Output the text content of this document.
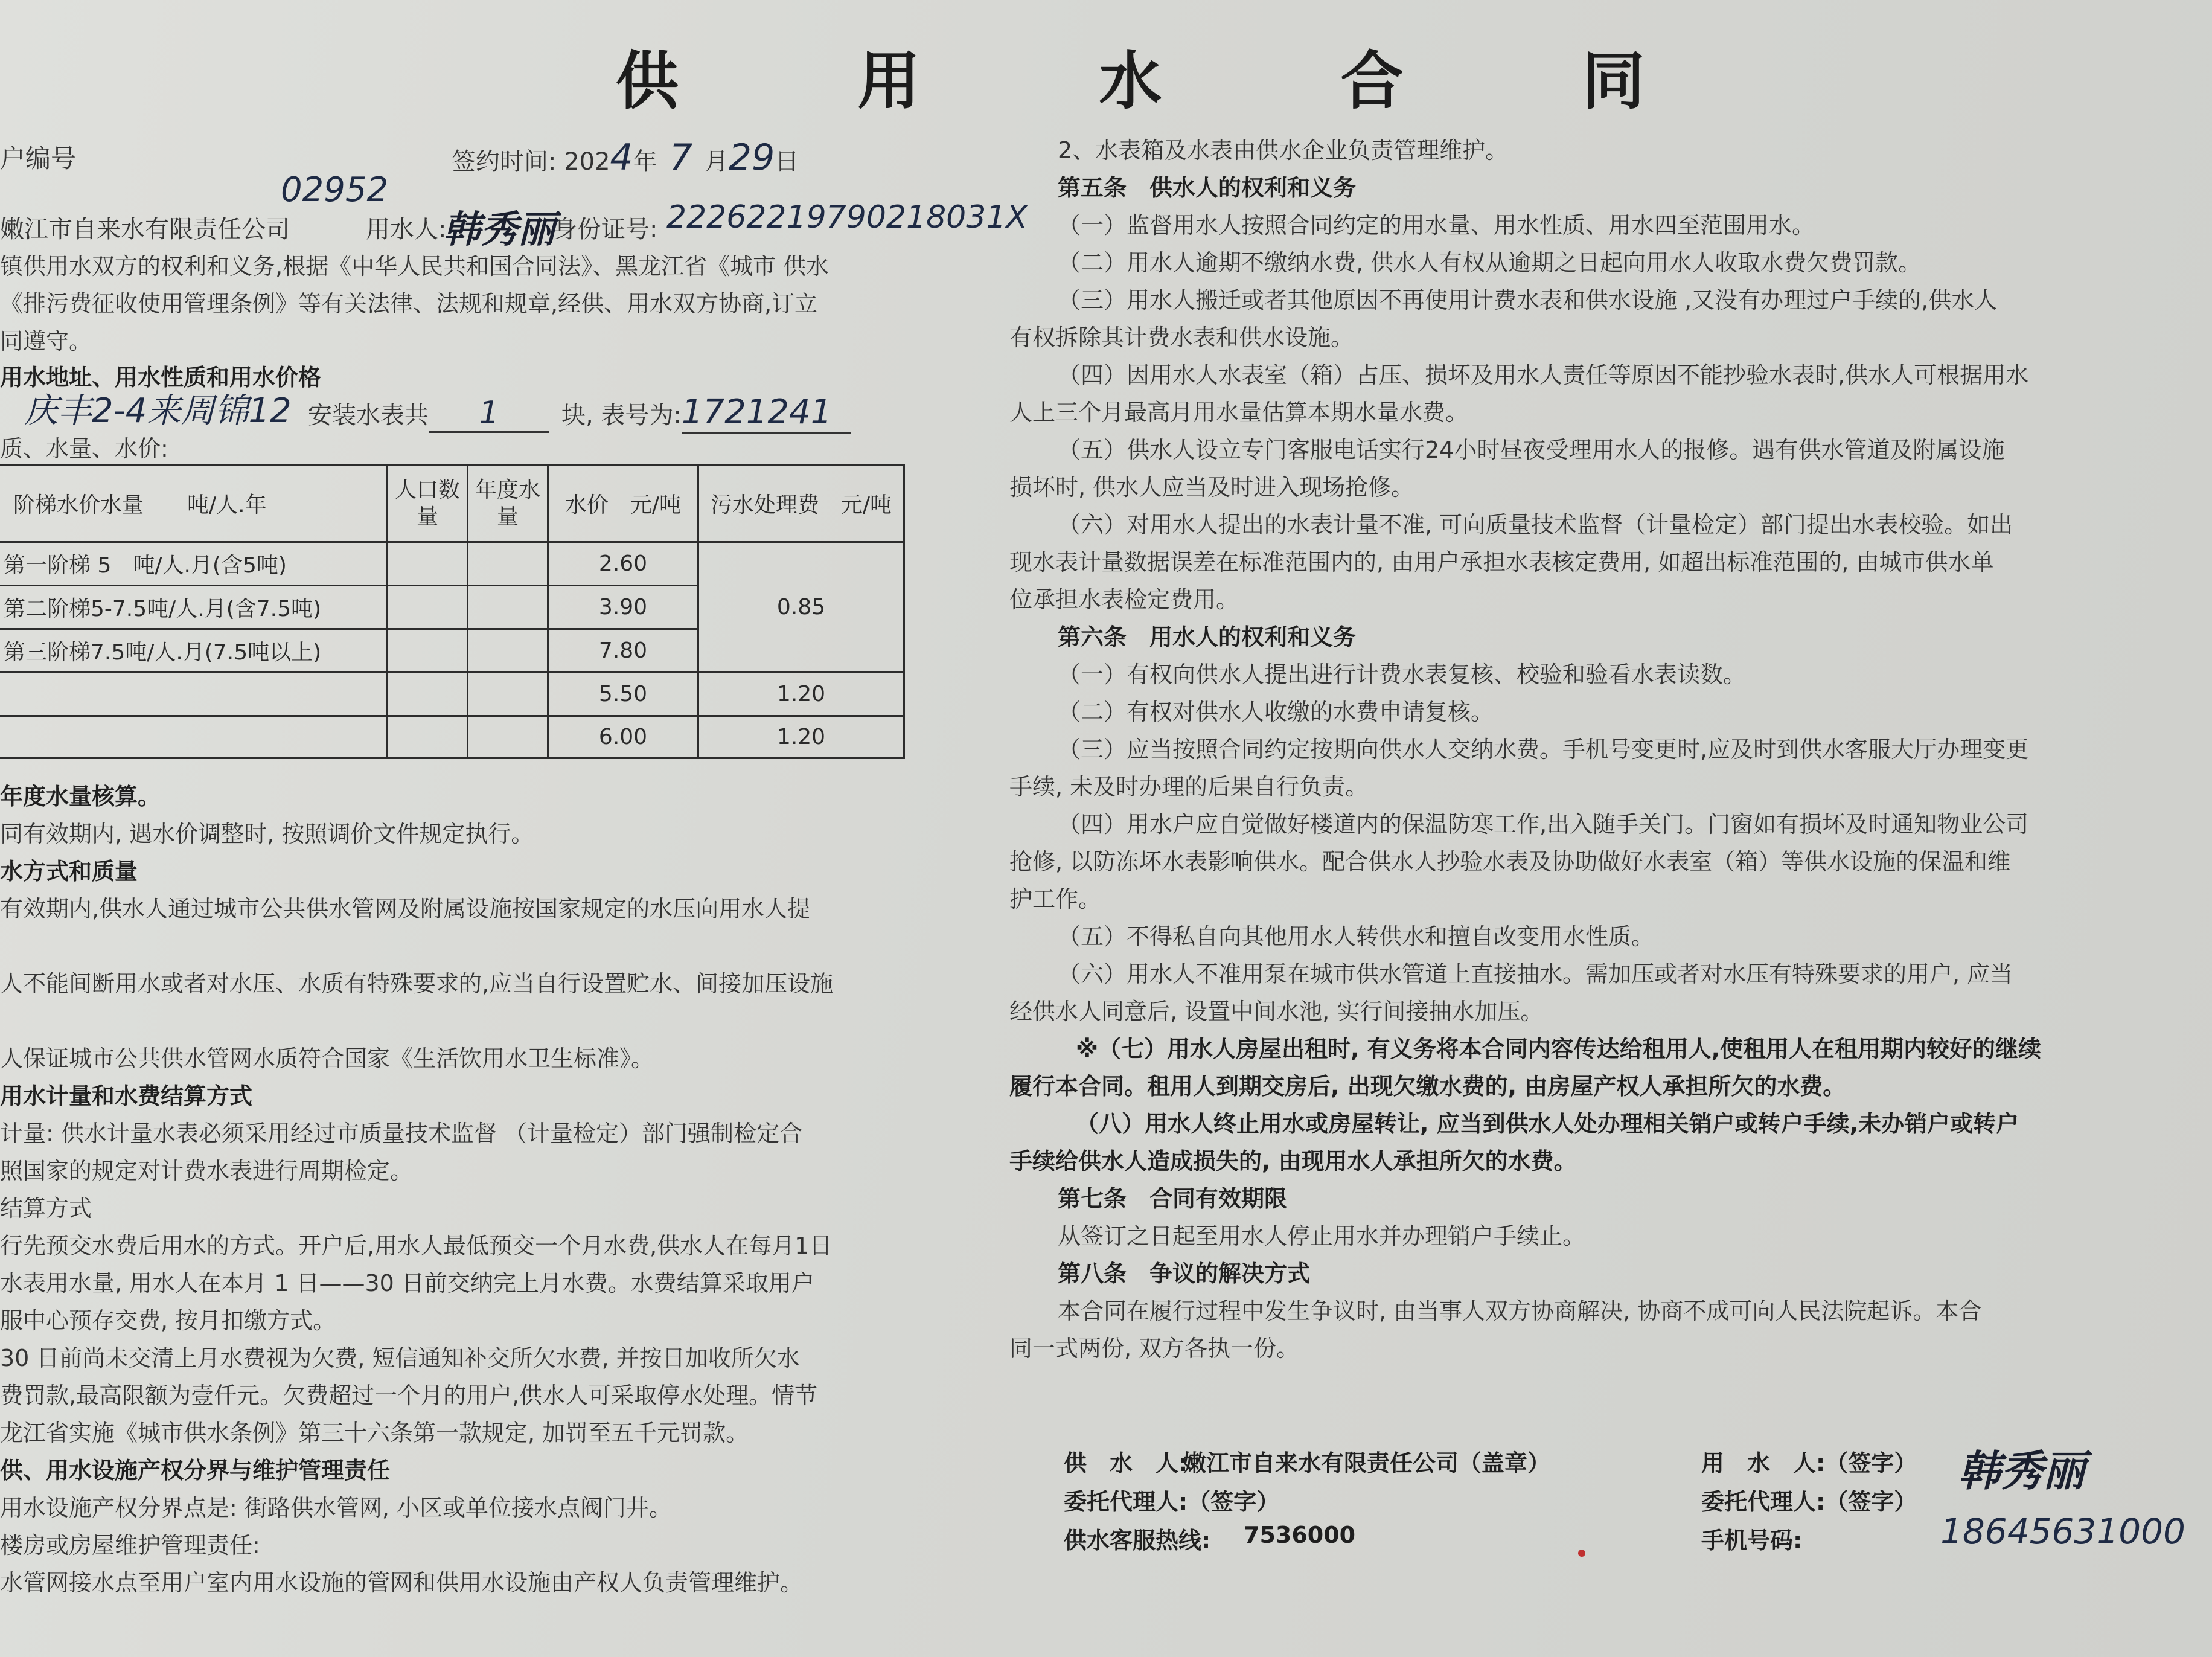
供 用 水 合 同
户编号
02952
签约时间: 2024年 7 月29日
嫩江市自来水有限责任公司	用水人:
韩秀丽
身份证号: 22262219790218031X
镇供用水双方的权利和义务,根据《中华人民共和国合同法》、黑龙江省《城市 供水
《排污费征收使用管理条例》等有关法律、法规和规章,经供、用水双方协商,订立
同遵守。
用水地址、用水性质和用水价格
庆丰2-4来周锦12 安装水表共 1	块, 表号为:1721241
质、水量、水价:
阶梯水价水量　　吨/人.年	人口数量	年度水量	水价　元/吨	污水处理费　元/吨
第一阶梯 5　吨/人.月(含5吨)			2.60	0.85
第二阶梯5-7.5吨/人.月(含7.5吨)			3.90	
第三阶梯7.5吨/人.月(7.5吨以上)			7.80	
			5.50	1.20
			6.00	1.20
年度水量核算。
同有效期内, 遇水价调整时, 按照调价文件规定执行。
水方式和质量
有效期内,供水人通过城市公共供水管网及附属设施按国家规定的水压向用水人提
人不能间断用水或者对水压、水质有特殊要求的,应当自行设置贮水、间接加压设施
人保证城市公共供水管网水质符合国家《生活饮用水卫生标准》。
用水计量和水费结算方式
计量: 供水计量水表必须采用经过市质量技术监督 （计量检定）部门强制检定合
照国家的规定对计费水表进行周期检定。
结算方式
行先预交水费后用水的方式。开户后,用水人最低预交一个月水费,供水人在每月1日
水表用水量, 用水人在本月 1 日——30 日前交纳完上月水费。水费结算采取用户
服中心预存交费, 按月扣缴方式。
30 日前尚未交清上月水费视为欠费, 短信通知补交所欠水费, 并按日加收所欠水
费罚款,最高限额为壹仟元。欠费超过一个月的用户,供水人可采取停水处理。情节
龙江省实施《城市供水条例》第三十六条第一款规定, 加罚至五千元罚款。
供、用水设施产权分界与维护管理责任
用水设施产权分界点是: 街路供水管网, 小区或单位接水点阀门井。
楼房或房屋维护管理责任:
水管网接水点至用户室内用水设施的管网和供用水设施由产权人负责管理维护。
2、水表箱及水表由供水企业负责管理维护。
第五条　供水人的权利和义务
（一）监督用水人按照合同约定的用水量、用水性质、用水四至范围用水。
（二）用水人逾期不缴纳水费, 供水人有权从逾期之日起向用水人收取水费欠费罚款。
（三）用水人搬迁或者其他原因不再使用计费水表和供水设施 ,又没有办理过户手续的,供水人
有权拆除其计费水表和供水设施。
（四）因用水人水表室（箱）占压、损坏及用水人责任等原因不能抄验水表时,供水人可根据用水
人上三个月最高月用水量估算本期水量水费。
（五）供水人设立专门客服电话实行24小时昼夜受理用水人的报修。遇有供水管道及附属设施
损坏时, 供水人应当及时进入现场抢修。
（六）对用水人提出的水表计量不准, 可向质量技术监督（计量检定）部门提出水表校验。如出
现水表计量数据误差在标准范围内的, 由用户承担水表核定费用, 如超出标准范围的, 由城市供水单
位承担水表检定费用。
第六条　用水人的权利和义务
（一）有权向供水人提出进行计费水表复核、校验和验看水表读数。
（二）有权对供水人收缴的水费申请复核。
（三）应当按照合同约定按期向供水人交纳水费。手机号变更时,应及时到供水客服大厅办理变更
手续, 未及时办理的后果自行负责。
（四）用水户应自觉做好楼道内的保温防寒工作,出入随手关门。门窗如有损坏及时通知物业公司
抢修, 以防冻坏水表影响供水。配合供水人抄验水表及协助做好水表室（箱）等供水设施的保温和维
护工作。
（五）不得私自向其他用水人转供水和擅自改变用水性质。
（六）用水人不准用泵在城市供水管道上直接抽水。需加压或者对水压有特殊要求的用户, 应当
经供水人同意后, 设置中间水池, 实行间接抽水加压。
※（七）用水人房屋出租时, 有义务将本合同内容传达给租用人,使租用人在租用期内较好的继续
履行本合同。租用人到期交房后, 出现欠缴水费的, 由房屋产权人承担所欠的水费。
（八）用水人终止用水或房屋转让, 应当到供水人处办理相关销户或转户手续,未办销户或转户
手续给供水人造成损失的, 由现用水人承担所欠的水费。
第七条　合同有效期限
从签订之日起至用水人停止用水并办理销户手续止。
第八条　争议的解决方式
本合同在履行过程中发生争议时, 由当事人双方协商解决, 协商不成可向人民法院起诉。本合
同一式两份, 双方各执一份。
供　水　人:
嫩江市自来水有限责任公司（盖章）
委托代理人:（签字）
供水客服热线: 7536000
用　水　人:（签字） 韩秀丽
委托代理人:（签字）
手机号码:	18645631000
